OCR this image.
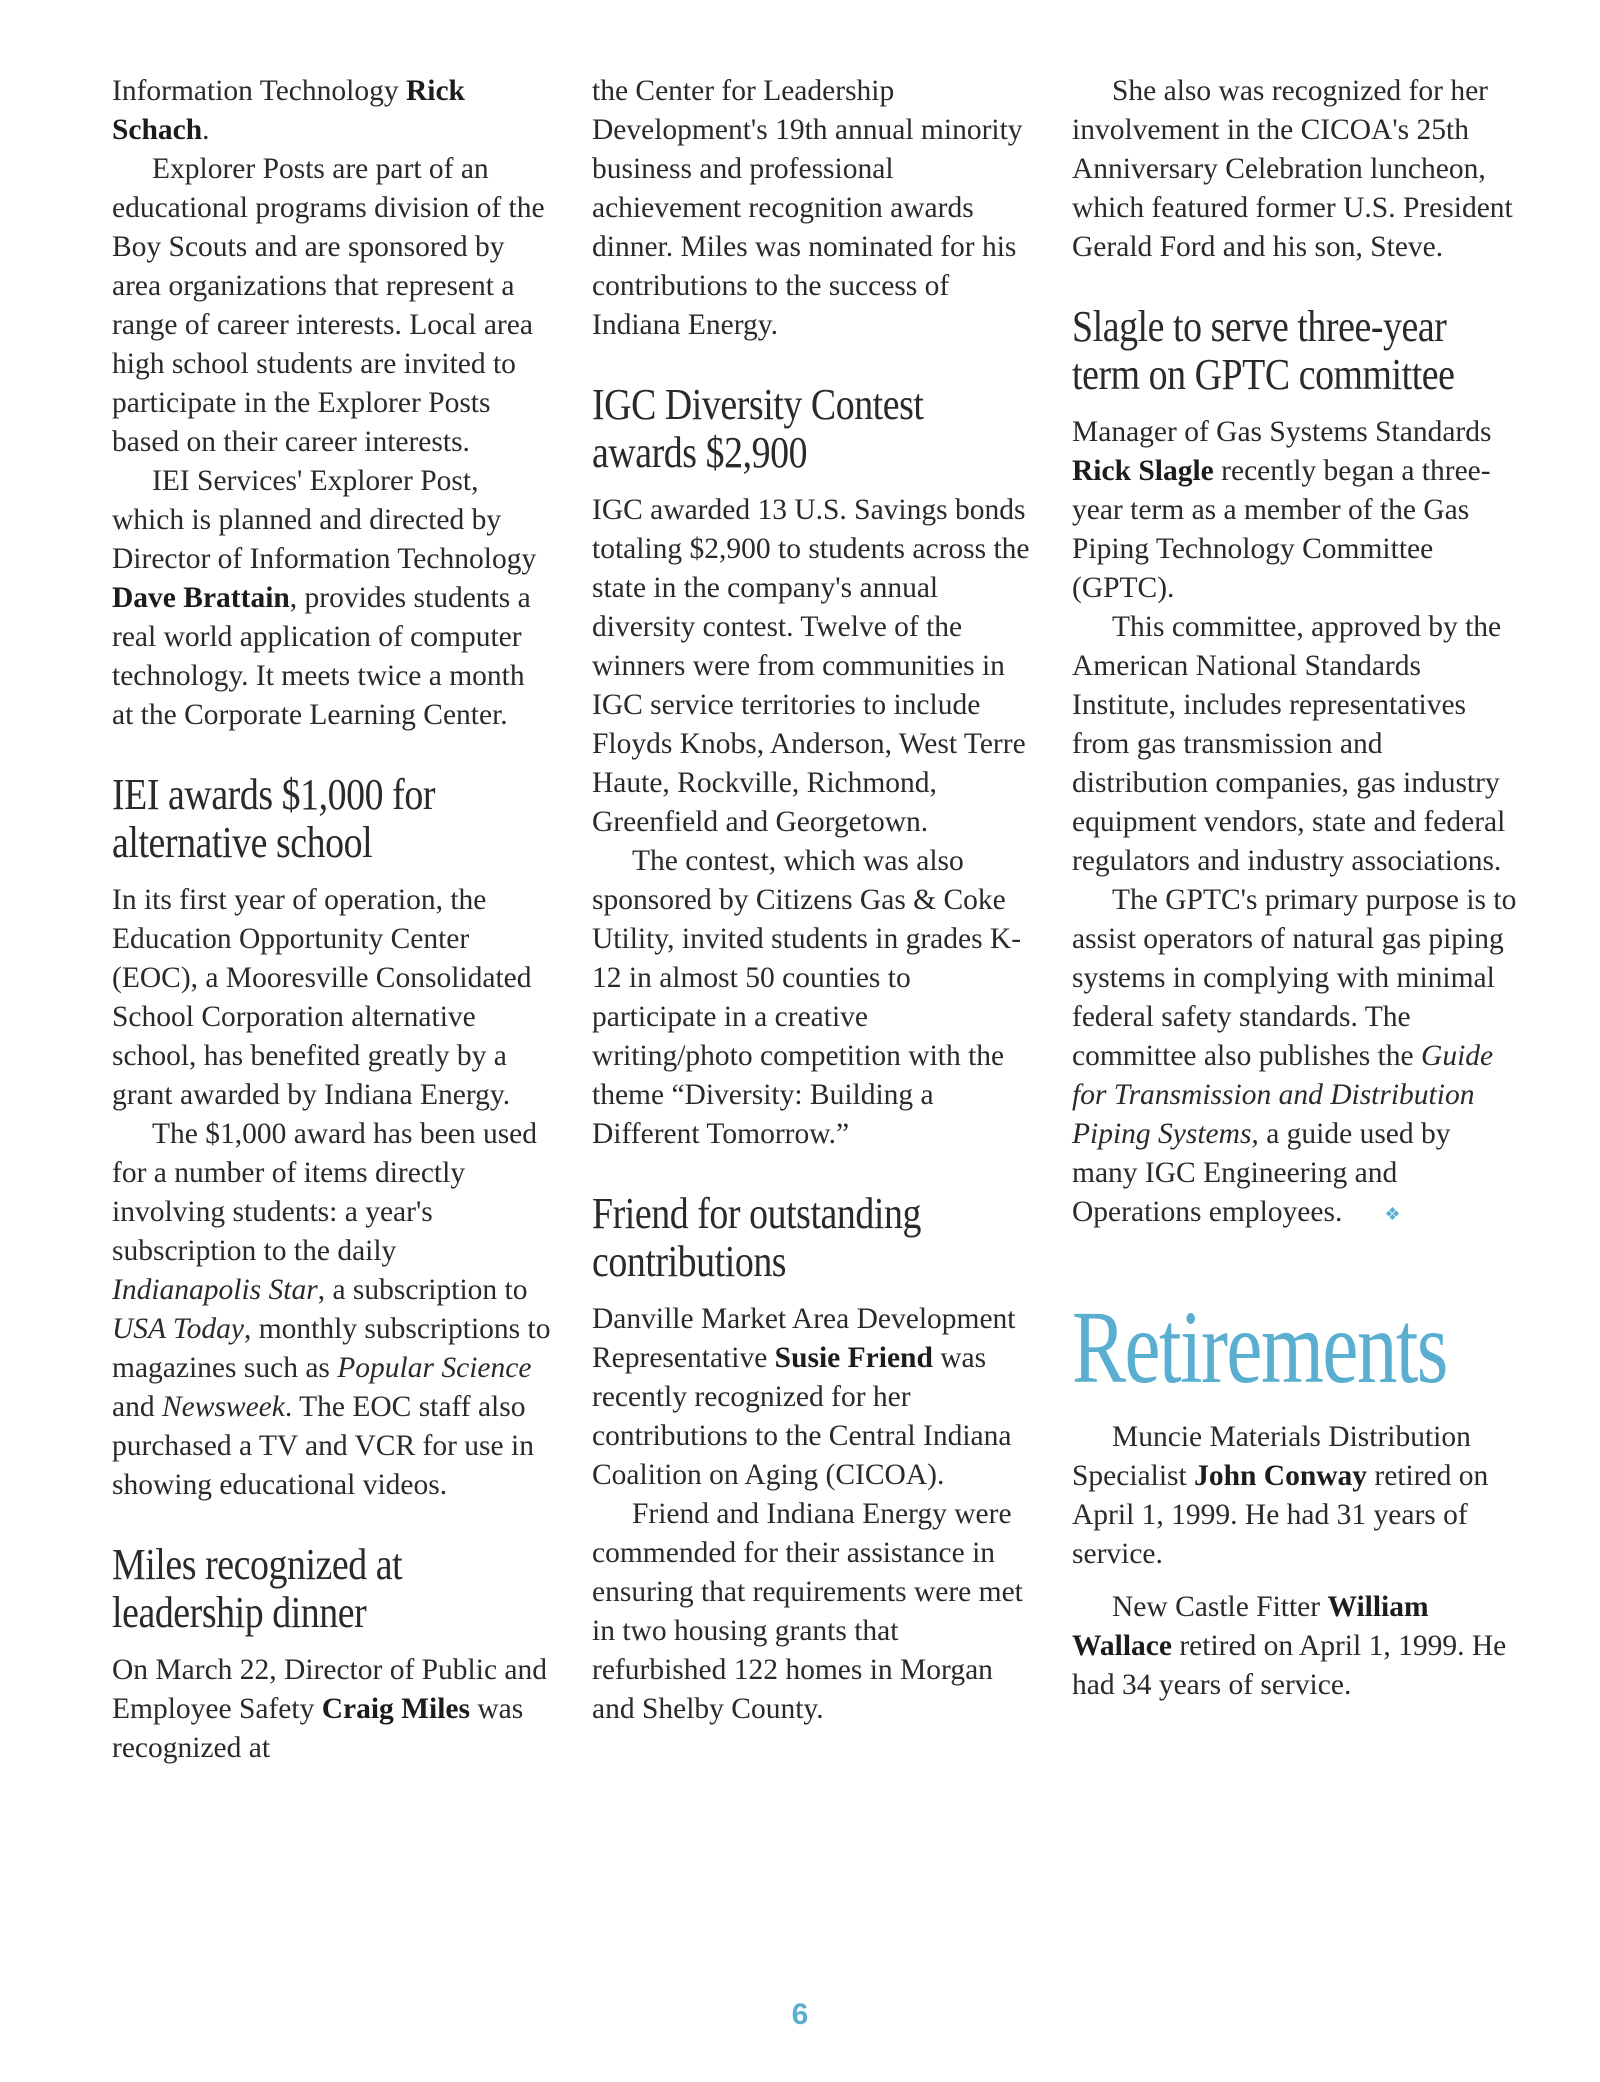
Information Technology Rick Schach.

Explorer Posts are part of an educational programs division of the Boy Scouts and are sponsored by area organizations that represent a range of career interests. Local area high school students are invited to participate in the Explorer Posts based on their career interests.

IEI Services' Explorer Post, which is planned and directed by Director of Information Technology Dave Brattain, provides students a real world application of computer technology. It meets twice a month at the Corporate Learning Center.

IEI awards $1,000 for alternative school

In its first year of operation, the Education Opportunity Center (EOC), a Mooresville Consolidated School Corporation alternative school, has benefited greatly by a grant awarded by Indiana Energy.

The $1,000 award has been used for a number of items directly involving students: a year's subscription to the daily Indianapolis Star, a subscription to USA Today, monthly subscriptions to magazines such as Popular Science and Newsweek. The EOC staff also purchased a TV and VCR for use in showing educational videos.

Miles recognized at leadership dinner

On March 22, Director of Public and Employee Safety Craig Miles was recognized at

the Center for Leadership Development's 19th annual minority business and professional achievement recognition awards dinner. Miles was nominated for his contributions to the success of Indiana Energy.

IGC Diversity Contest awards $2,900

IGC awarded 13 U.S. Savings bonds totaling $2,900 to students across the state in the company's annual diversity contest. Twelve of the winners were from communities in IGC service territories to include Floyds Knobs, Anderson, West Terre Haute, Rockville, Richmond, Greenfield and Georgetown.

The contest, which was also sponsored by Citizens Gas & Coke Utility, invited students in grades K-12 in almost 50 counties to participate in a creative writing/photo competition with the theme “Diversity: Building a Different Tomorrow.”

Friend for outstanding contributions

Danville Market Area Development Representative Susie Friend was recently recognized for her contributions to the Central Indiana Coalition on Aging (CICOA).

Friend and Indiana Energy were commended for their assistance in ensuring that requirements were met in two housing grants that refurbished 122 homes in Morgan and Shelby County.

She also was recognized for her involvement in the CICOA's 25th Anniversary Celebration luncheon, which featured former U.S. President Gerald Ford and his son, Steve.

Slagle to serve three-year term on GPTC committee

Manager of Gas Systems Standards Rick Slagle recently began a three-year term as a member of the Gas Piping Technology Committee (GPTC).

This committee, approved by the American National Standards Institute, includes representatives from gas transmission and distribution companies, gas industry equipment vendors, state and federal regulators and industry associations.

The GPTC's primary purpose is to assist operators of natural gas piping systems in complying with minimal federal safety standards. The committee also publishes the Guide for Transmission and Distribution Piping Systems, a guide used by many IGC Engineering and Operations employees. ❖

Retirements

Muncie Materials Distribution Specialist John Conway retired on April 1, 1999. He had 31 years of service.

New Castle Fitter William Wallace retired on April 1, 1999. He had 34 years of service.

6
